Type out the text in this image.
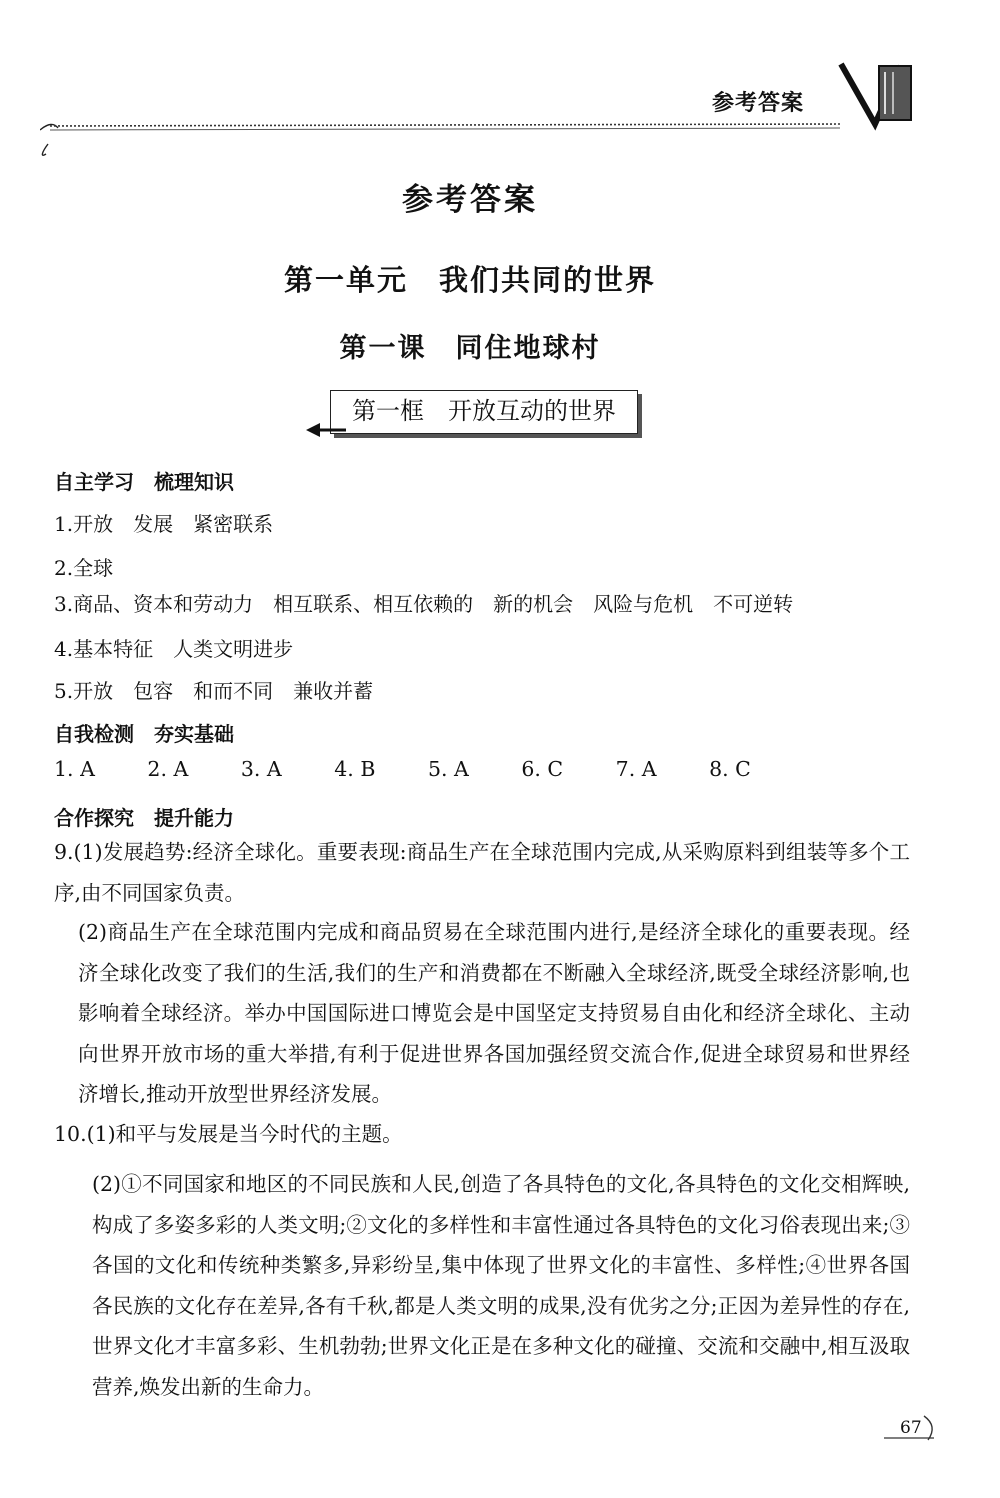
参考答案
参考答案
第一单元　我们共同的世界
第一课　同住地球村
第一框　开放互动的世界
自主学习　梳理知识
1.开放　发展　紧密联系
2.全球
3.商品、资本和劳动力　相互联系、相互依赖的　新的机会　风险与危机　不可逆转
4.基本特征　人类文明进步
5.开放　包容　和而不同　兼收并蓄
自我检测　夯实基础
1. A	2. A	3. A	4. B	5. A	6. C	7. A	8. C
合作探究　提升能力
9.(1)发展趋势:经济全球化。重要表现:商品生产在全球范围内完成,从采购原料到组装等多个工序,由不同国家负责。
(2)商品生产在全球范围内完成和商品贸易在全球范围内进行,是经济全球化的重要表现。经济全球化改变了我们的生活,我们的生产和消费都在不断融入全球经济,既受全球经济影响,也影响着全球经济。举办中国国际进口博览会是中国坚定支持贸易自由化和经济全球化、主动向世界开放市场的重大举措,有利于促进世界各国加强经贸交流合作,促进全球贸易和世界经济增长,推动开放型世界经济发展。
10.(1)和平与发展是当今时代的主题。
(2)①不同国家和地区的不同民族和人民,创造了各具特色的文化,各具特色的文化交相辉映,构成了多姿多彩的人类文明;②文化的多样性和丰富性通过各具特色的文化习俗表现出来;③各国的文化和传统种类繁多,异彩纷呈,集中体现了世界文化的丰富性、多样性;④世界各国各民族的文化存在差异,各有千秋,都是人类文明的成果,没有优劣之分;正因为差异性的存在,世界文化才丰富多彩、生机勃勃;世界文化正是在多种文化的碰撞、交流和交融中,相互汲取营养,焕发出新的生命力。
67
